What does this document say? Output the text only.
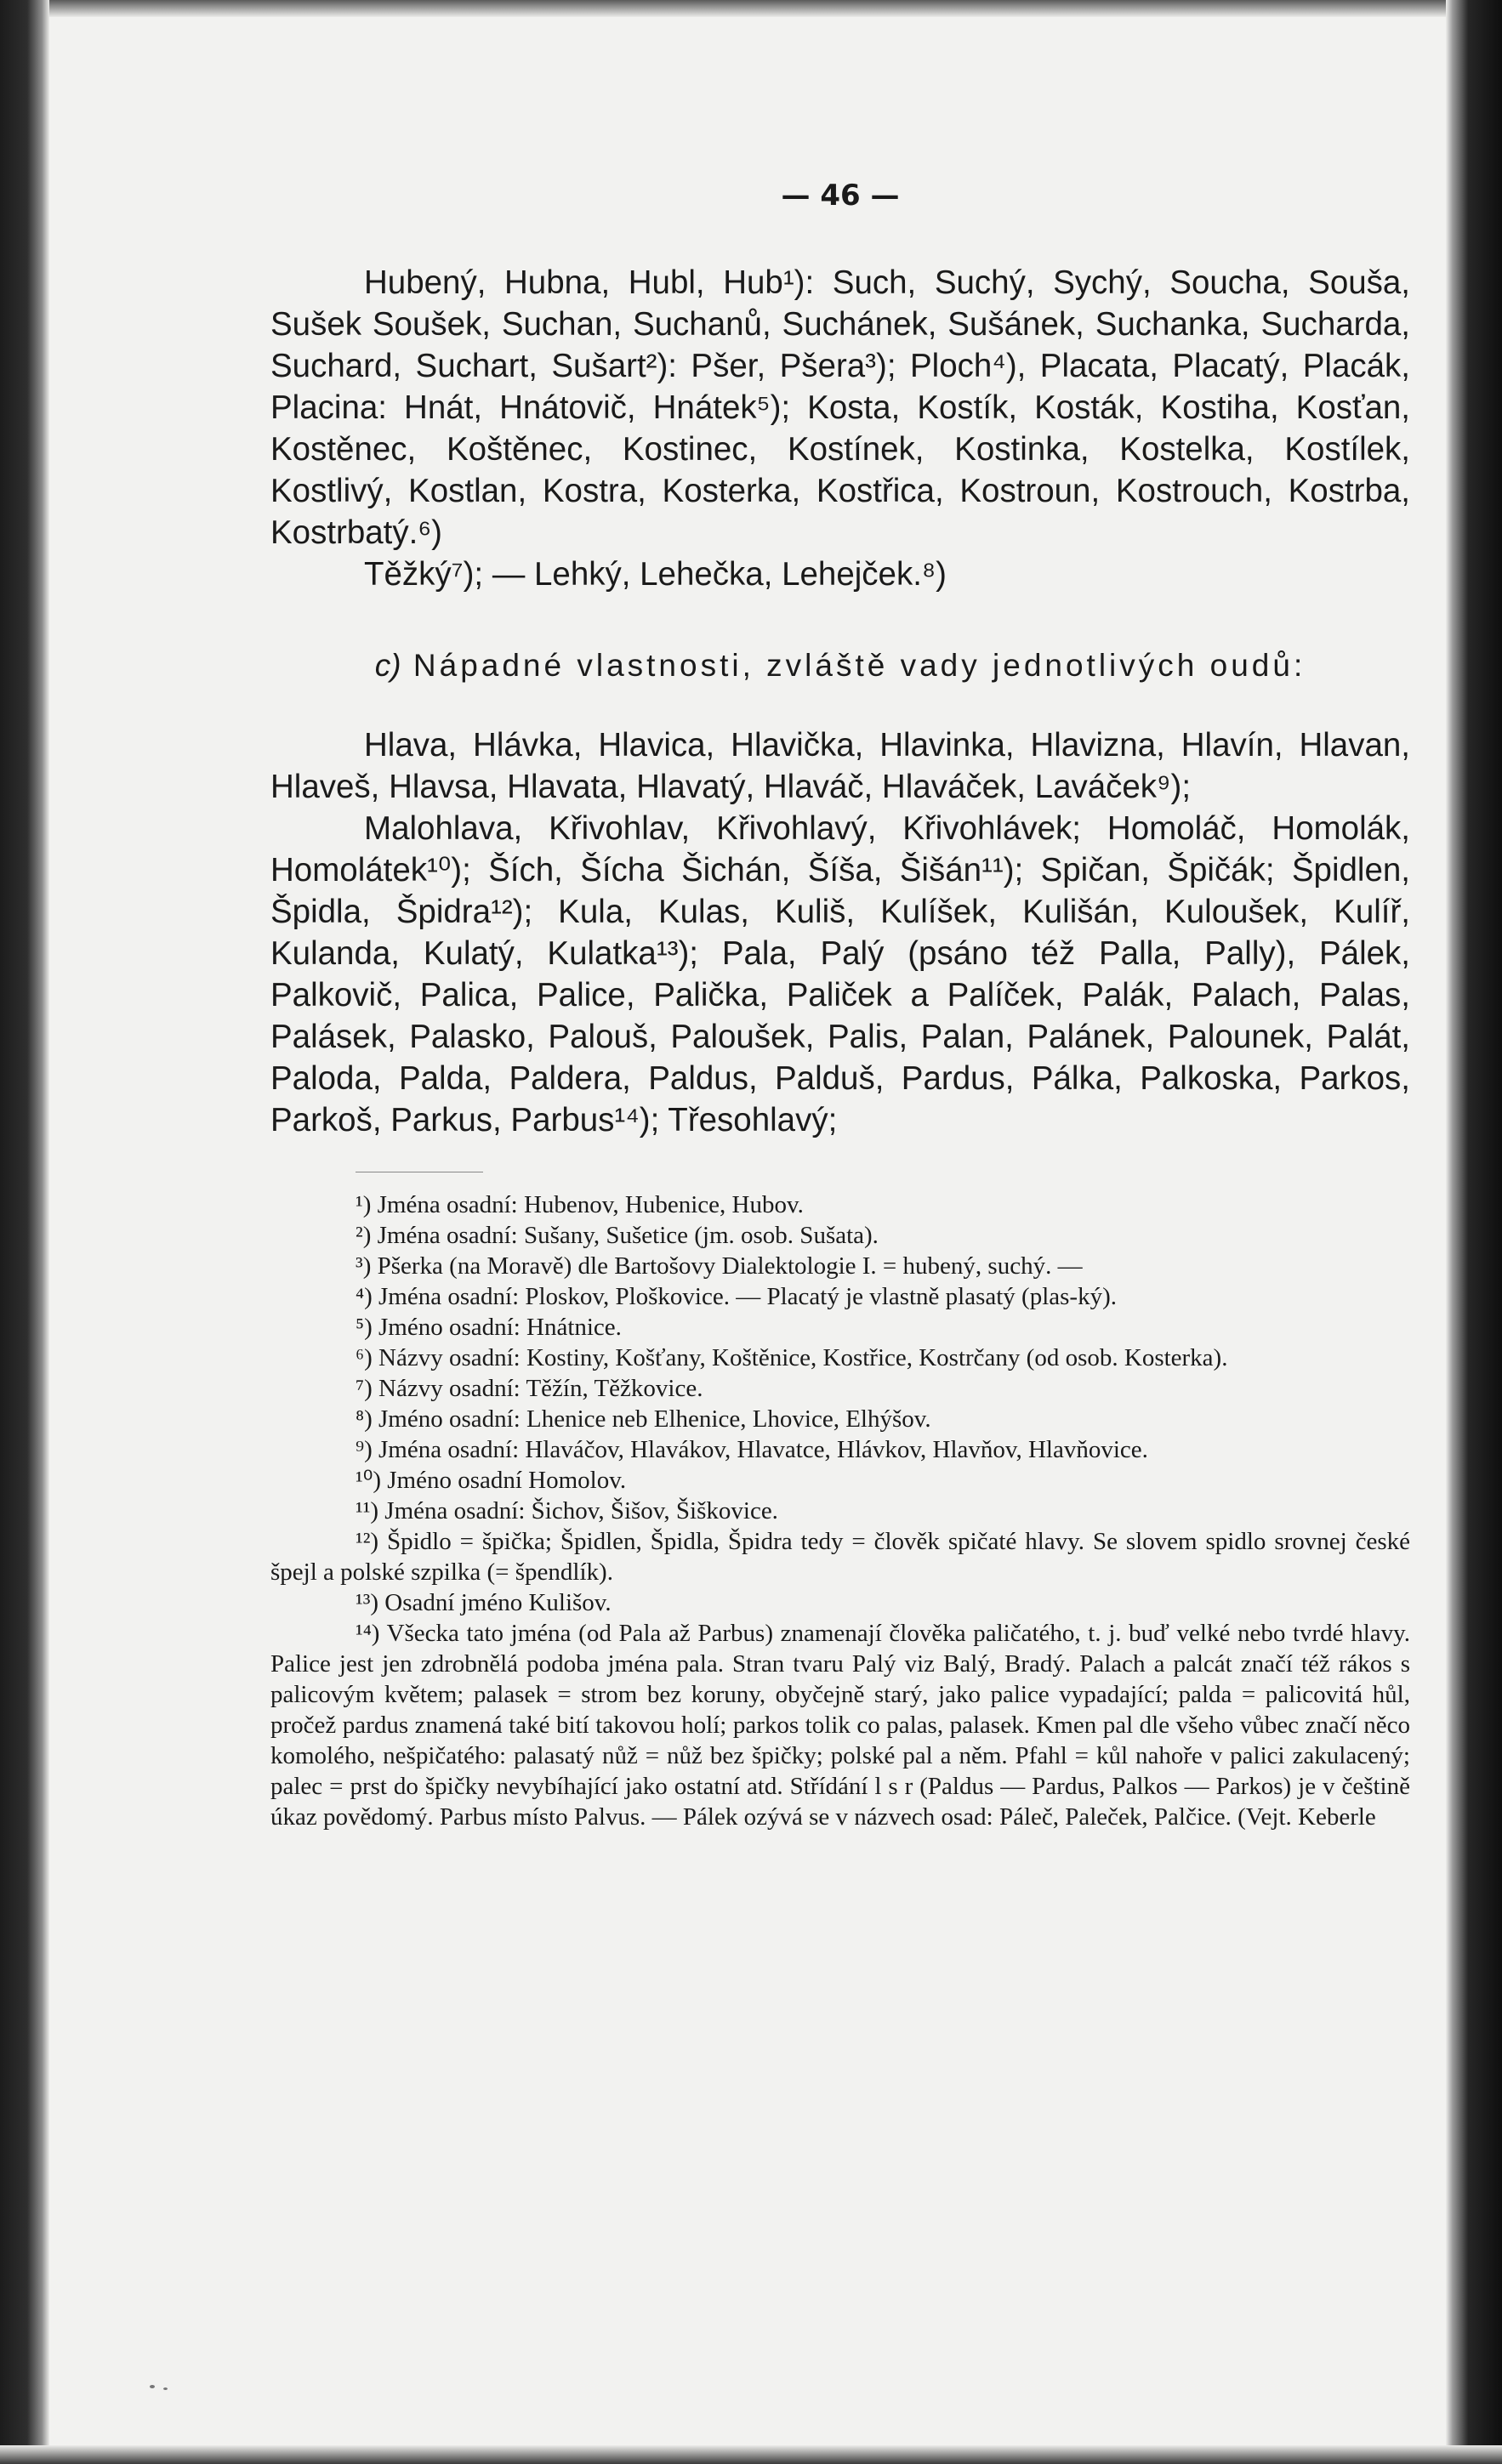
— 46 —

Hubený, Hubna, Hubl, Hub¹): Such, Suchý, Sychý, Soucha, Souša, Sušek Soušek, Suchan, Suchanů, Suchánek, Sušánek, Suchanka, Sucharda, Suchard, Suchart, Sušart²): Pšer, Pšera³); Ploch⁴), Placata, Placatý, Placák, Placina: Hnát, Hnátovič, Hnátek⁵); Kosta, Kostík, Kosták, Kostiha, Kosťan, Kostěnec, Koštěnec, Kostinec, Kostínek, Kostinka, Kostelka, Kostílek, Kostlivý, Kostlan, Kostra, Kosterka, Kostřica, Kostroun, Kostrouch, Kostrba, Kostrbatý.⁶)

Těžký⁷); — Lehký, Lehečka, Lehejček.⁸)

c) Nápadné vlastnosti, zvláště vady jednotlivých oudů:

Hlava, Hlávka, Hlavica, Hlavička, Hlavinka, Hlavizna, Hlavín, Hlavan, Hlaveš, Hlavsa, Hlavata, Hlavatý, Hlaváč, Hlaváček, Laváček⁹);

Malohlava, Křivohlav, Křivohlavý, Křivohlávek; Homoláč, Homolák, Homolátek¹⁰); Ších, Šícha Šichán, Šíša, Šišán¹¹); Spičan, Špičák; Špidlen, Špidla, Špidra¹²); Kula, Kulas, Kuliš, Kulíšek, Kulišán, Kuloušek, Kulíř, Kulanda, Kulatý, Kulatka¹³); Pala, Palý (psáno též Palla, Pally), Pálek, Palkovič, Palica, Palice, Palička, Paliček a Palíček, Palák, Palach, Palas, Palásek, Palasko, Palouš, Paloušek, Palis, Palan, Palánek, Palounek, Palát, Paloda, Palda, Paldera, Paldus, Palduš, Pardus, Pálka, Palkoska, Parkos, Parkoš, Parkus, Parbus¹⁴); Třesohlavý;

¹) Jména osadní: Hubenov, Hubenice, Hubov.

²) Jména osadní: Sušany, Sušetice (jm. osob. Sušata).

³) Pšerka (na Moravě) dle Bartošovy Dialektologie I. = hubený, suchý. —

⁴) Jména osadní: Ploskov, Ploškovice. — Placatý je vlastně plasatý (plas-ký).

⁵) Jméno osadní: Hnátnice.

⁶) Názvy osadní: Kostiny, Košťany, Koštěnice, Kostřice, Kostrčany (od osob. Kosterka).

⁷) Názvy osadní: Těžín, Těžkovice.

⁸) Jméno osadní: Lhenice neb Elhenice, Lhovice, Elhýšov.

⁹) Jména osadní: Hlaváčov, Hlavákov, Hlavatce, Hlávkov, Hlavňov, Hlavňovice.

¹⁰) Jméno osadní Homolov.

¹¹) Jména osadní: Šichov, Šišov, Šiškovice.

¹²) Špidlo = špička; Špidlen, Špidla, Špidra tedy = člověk spičaté hlavy. Se slovem spidlo srovnej české špejl a polské szpilka (= špendlík).

¹³) Osadní jméno Kulišov.

¹⁴) Všecka tato jména (od Pala až Parbus) znamenají člověka paličatého, t. j. buď velké nebo tvrdé hlavy. Palice jest jen zdrobnělá podoba jména pala. Stran tvaru Palý viz Balý, Bradý. Palach a palcát značí též rákos s palicovým květem; palasek = strom bez koruny, obyčejně starý, jako palice vypadající; palda = palicovitá hůl, pročež pardus znamená také bití takovou holí; parkos tolik co palas, palasek. Kmen pal dle všeho vůbec značí něco komolého, nešpičatého: palasatý nůž = nůž bez špičky; polské pal a něm. Pfahl = kůl nahoře v palici zakulacený; palec = prst do špičky nevybíhající jako ostatní atd. Střídání l s r (Paldus — Pardus, Palkos — Parkos) je v češtině úkaz povědomý. Parbus místo Palvus. — Pálek ozývá se v názvech osad: Páleč, Paleček, Palčice. (Vejt. Keberle
